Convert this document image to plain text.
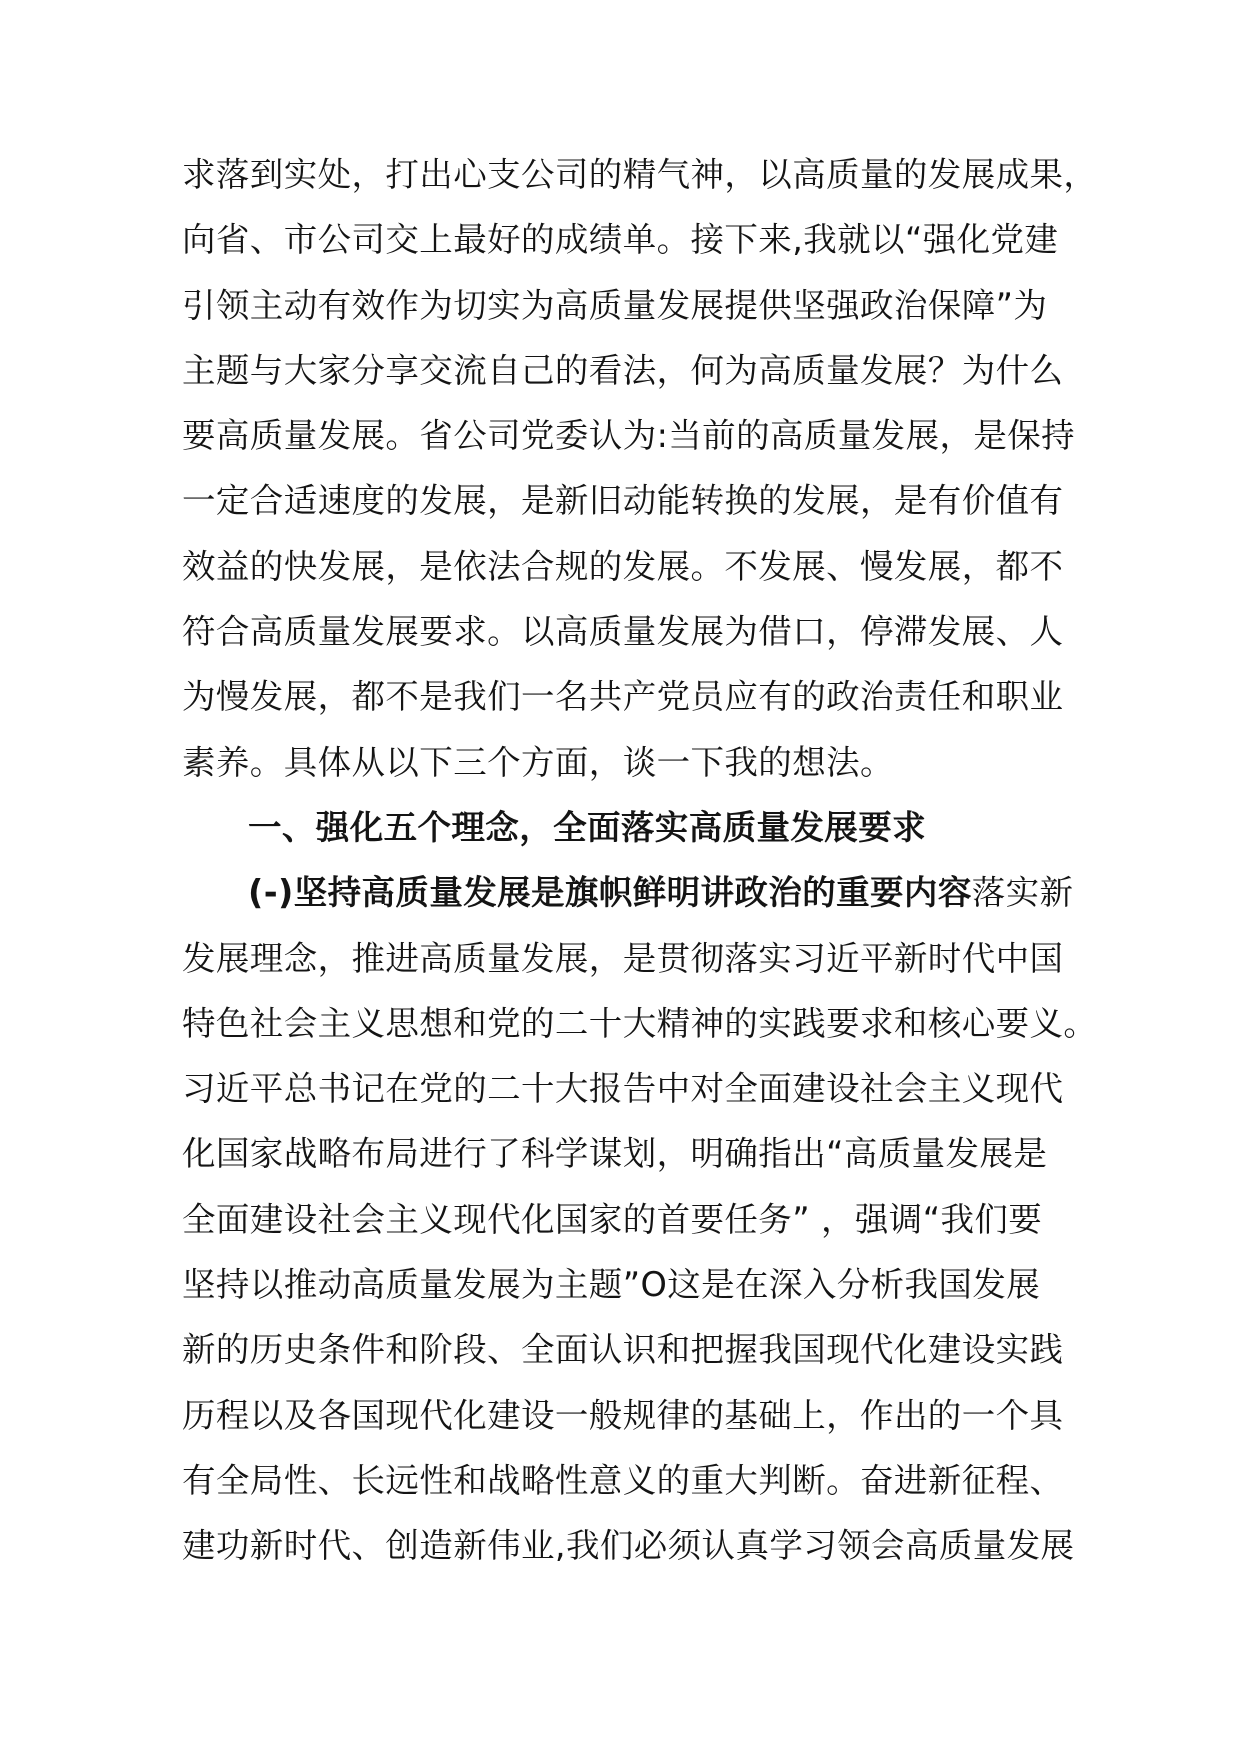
求落到实处，打出心支公司的精气神，以高质量的发展成果，
向省、市公司交上最好的成绩单。接下来,我就以“强化党建
引领主动有效作为切实为高质量发展提供坚强政治保障”为
主题与大家分享交流自己的看法，何为高质量发展？为什么
要高质量发展。省公司党委认为:当前的高质量发展，是保持
一定合适速度的发展，是新旧动能转换的发展，是有价值有
效益的快发展，是依法合规的发展。不发展、慢发展，都不
符合高质量发展要求。以高质量发展为借口，停滞发展、人
为慢发展，都不是我们一名共产党员应有的政治责任和职业
素养。具体从以下三个方面，谈一下我的想法。
一、强化五个理念，全面落实高质量发展要求
(-)坚持高质量发展是旗帜鲜明讲政治的重要内容落实新
发展理念，推进高质量发展，是贯彻落实习近平新时代中国
特色社会主义思想和党的二十大精神的实践要求和核心要义。
习近平总书记在党的二十大报告中对全面建设社会主义现代
化国家战略布局进行了科学谋划，明确指出“高质量发展是
全面建设社会主义现代化国家的首要任务” ，强调“我们要
坚持以推动高质量发展为主题”O这是在深入分析我国发展
新的历史条件和阶段、全面认识和把握我国现代化建设实践
历程以及各国现代化建设一般规律的基础上，作出的一个具
有全局性、长远性和战略性意义的重大判断。奋进新征程、
建功新时代、创造新伟业,我们必须认真学习领会高质量发展
